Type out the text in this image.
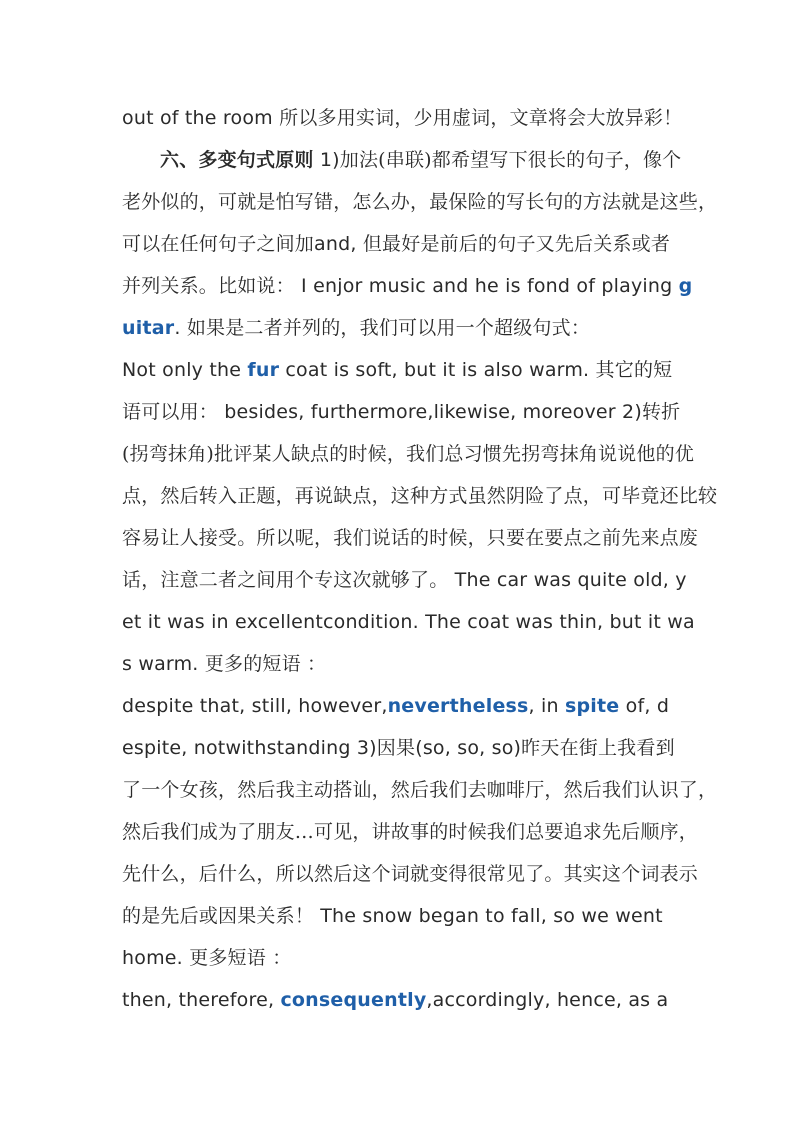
out of the room 所以多用实词，少用虚词，文章将会大放异彩！
六、多变句式原则 1)加法(串联)都希望写下很长的句子，像个
老外似的，可就是怕写错，怎么办，最保险的写长句的方法就是这些，
可以在任何句子之间加and, 但最好是前后的句子又先后关系或者
并列关系。比如说： I enjor music and he is fond of playing g
uitar. 如果是二者并列的，我们可以用一个超级句式：
Not only the fur coat is soft, but it is also warm. 其它的短
语可以用： besides, furthermore,likewise, moreover 2)转折
(拐弯抹角)批评某人缺点的时候，我们总习惯先拐弯抹角说说他的优
点，然后转入正题，再说缺点，这种方式虽然阴险了点，可毕竟还比较
容易让人接受。所以呢，我们说话的时候，只要在要点之前先来点废
话，注意二者之间用个专这次就够了。 The car was quite old, y
et it was in excellentcondition. The coat was thin, but it wa
s warm. 更多的短语 ：
despite that, still, however,nevertheless, in spite of, d
espite, notwithstanding 3)因果(so, so, so)昨天在街上我看到
了一个女孩，然后我主动搭讪，然后我们去咖啡厅，然后我们认识了，
然后我们成为了朋友…可见，讲故事的时候我们总要追求先后顺序，
先什么，后什么，所以然后这个词就变得很常见了。其实这个词表示
的是先后或因果关系！ The snow began to fall, so we went
home. 更多短语 ：
then, therefore, consequently,accordingly, hence, as a
